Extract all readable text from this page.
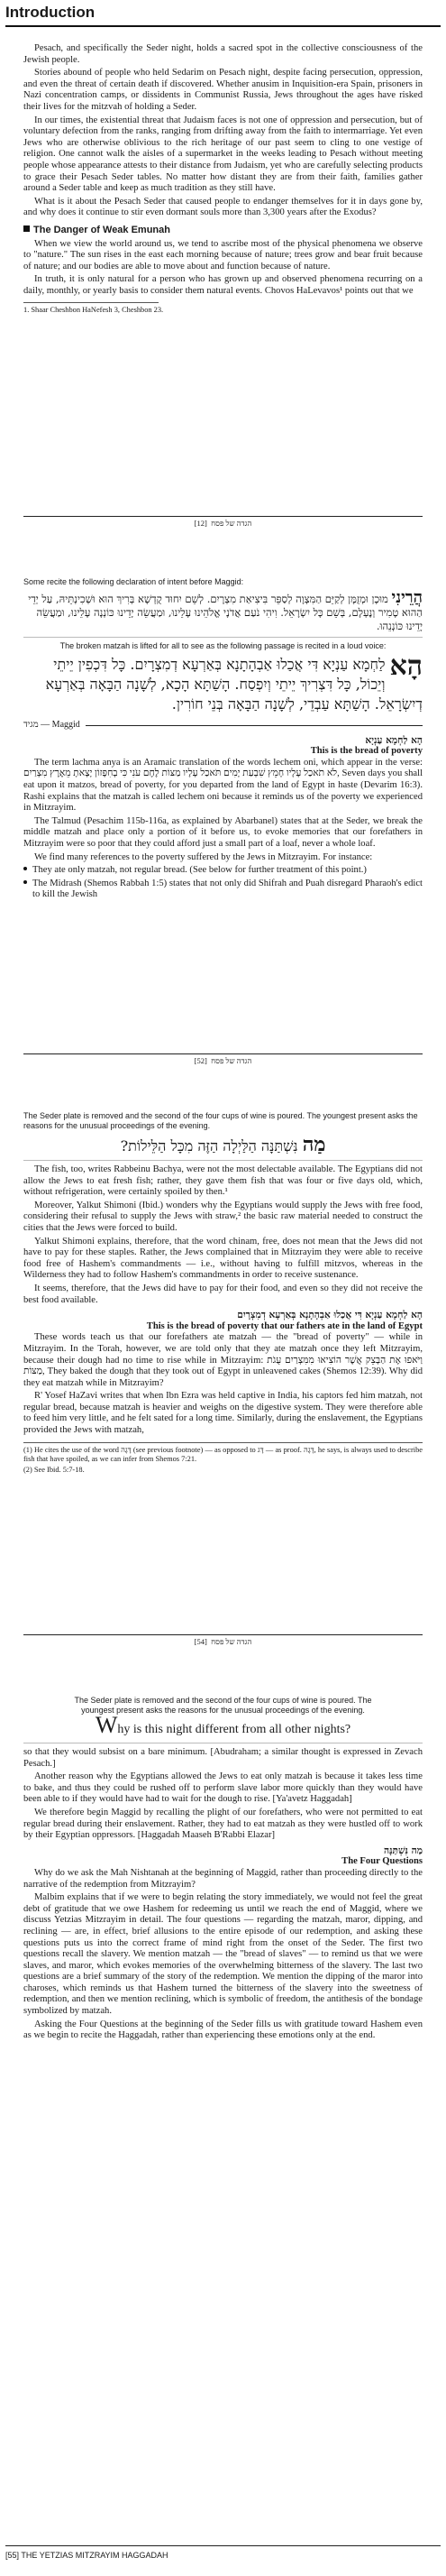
Introduction

Pesach, and specifically the Seder night, holds a sacred spot in the collective consciousness of the Jewish people.

Stories abound of people who held Sedarim on Pesach night, despite facing persecution, oppression, and even the threat of certain death if discovered. Whether anusim in Inquisition-era Spain, prisoners in Nazi concentration camps, or dissidents in Communist Russia, Jews throughout the ages have risked their lives for the mitzvah of holding a Seder.

In our times, the existential threat that Judaism faces is not one of oppression and persecution, but of voluntary defection from the ranks, ranging from drifting away from the faith to intermarriage. Yet even Jews who are otherwise oblivious to the rich heritage of our past seem to cling to one vestige of religion. One cannot walk the aisles of a supermarket in the weeks leading to Pesach without meeting people whose appearance attests to their distance from Judaism, yet who are carefully selecting products to grace their Pesach Seder tables. No matter how distant they are from their faith, families gather around a Seder table and keep as much tradition as they still have.

What is it about the Pesach Seder that caused people to endanger themselves for it in days gone by, and why does it continue to stir even dormant souls more than 3,300 years after the Exodus?

The Danger of Weak Emunah

When we view the world around us, we tend to ascribe most of the physical phenomena we observe to "nature." The sun rises in the east each morning because of nature; trees grow and bear fruit because of nature; and our bodies are able to move about and function because of nature.

In truth, it is only natural for a person who has grown up and observed phenomena recurring on a daily, monthly, or yearly basis to consider them natural events. Chovos HaLevavos¹ points out that we

1. Shaar Cheshbon HaNefesh 3, Cheshbon 23.

הגדה של פסח  [12]
Some recite the following declaration of intent before Maggid:
הֲרֵינִי מוּכָן וּמְזֻמָּן לְקַיֵּם הַמִּצְוָה לְסַפֵּר בִּיצִיאַת מִצְרָיִם. לְשֵׁם יִחוּד קֻדְשָׁא בְּרִיךְ הוּא וּשְׁכִינְתֵּיהּ, עַל יְדֵי הַהוּא טָמִיר וְנֶעְלָם, בְּשֵׁם כָּל יִשְׂרָאֵל. וִיהִי נֹעַם אֲדֹנָי אֱלֹהֵינוּ עָלֵינוּ, וּמַעֲשֵׂה יָדֵינוּ כּוֹנְנָה עָלֵינוּ, וּמַעֲשֵׂה יָדֵינוּ כּוֹנְנֵהוּ.
The broken matzah is lifted for all to see as the following passage is recited in a loud voice:
הָא
לַחְמָא עַנְיָא דִּי אֲכַלוּ אַבְהָתָנָא בְּאַרְעָא דְמִצְרָיִם. כָּל דִּכְפִין יֵיתֵי וְיֵכוֹל, כָּל דִּצְרִיךְ יֵיתֵי וְיִפְסַח. הָשַׁתָּא הָכָא, לְשָׁנָה הַבָּאָה בְּאַרְעָא דְיִשְׂרָאֵל. הָשַׁתָּא עַבְדֵי, לְשָׁנָה הַבָּאָה בְּנֵי חוֹרִין.
מגיד — Maggid
הָא לַחְמָא עַנְיָא
This is the bread of poverty

The term lachma anya is an Aramaic translation of the words lechem oni, which appear in the verse: לֹא תֹאכַל עָלָיו חָמֵץ שִׁבְעַת יָמִים תֹּאכַל עָלָיו מַצּוֹת לֶחֶם עֹנִי כִּי בְחִפָּזוֹן יָצָאתָ מֵאֶרֶץ מִצְרַיִם, Seven days you shall eat upon it matzos, bread of poverty, for you departed from the land of Egypt in haste (Devarim 16:3). Rashi explains that the matzah is called lechem oni because it reminds us of the poverty we experienced in Mitzrayim.

The Talmud (Pesachim 115b-116a, as explained by Abarbanel) states that at the Seder, we break the middle matzah and place only a portion of it before us, to evoke memories that our forefathers in Mitzrayim were so poor that they could afford just a small part of a loaf, never a whole loaf.

We find many references to the poverty suffered by the Jews in Mitzrayim. For instance:

They ate only matzah, not regular bread. (See below for further treatment of this point.)

The Midrash (Shemos Rabbah 1:5) states that not only did Shifrah and Puah disregard Pharaoh's edict to kill the Jewish

הגדה של פסח  [52]
The Seder plate is removed and the second of the four cups of wine is poured. The youngest present asks the reasons for the unusual proceedings of the evening.
מַה נִּשְׁתַּנָּה הַלַּיְלָה הַזֶּה מִכָּל הַלֵּילוֹת?

The fish, too, writes Rabbeinu Bachya, were not the most delectable available. The Egyptians did not allow the Jews to eat fresh fish; rather, they gave them fish that was four or five days old, which, without refrigeration, were certainly spoiled by then.¹

Moreover, Yalkut Shimoni (Ibid.) wonders why the Egyptians would supply the Jews with free food, considering their refusal to supply the Jews with straw,² the basic raw material needed to construct the cities that the Jews were forced to build.

Yalkut Shimoni explains, therefore, that the word chinam, free, does not mean that the Jews did not have to pay for these staples. Rather, the Jews complained that in Mitzrayim they were able to receive food free of Hashem's commandments — i.e., without having to fulfill mitzvos, whereas in the Wilderness they had to follow Hashem's commandments in order to receive sustenance.

It seems, therefore, that the Jews did have to pay for their food, and even so they did not receive the best food available.

הָא לַחְמָא עַנְיָא דִּי אֲכַלוּ אַבְהָתָנָא בְּאַרְעָא דְמִצְרָיִם
This is the bread of poverty that our fathers ate in the land of Egypt

These words teach us that our forefathers ate matzah — the "bread of poverty" — while in Mitzrayim. In the Torah, however, we are told only that they ate matzah once they left Mitzrayim, because their dough had no time to rise while in Mitzrayim: וַיֹּאפוּ אֶת הַבָּצֵק אֲשֶׁר הוֹצִיאוּ מִמִּצְרַיִם עֻגֹת מַצּוֹת, They baked the dough that they took out of Egypt in unleavened cakes (Shemos 12:39). Why did they eat matzah while in Mitzrayim?

R' Yosef HaZavi writes that when Ibn Ezra was held captive in India, his captors fed him matzah, not regular bread, because matzah is heavier and weighs on the digestive system. They were therefore able to feed him very little, and he felt sated for a long time. Similarly, during the enslavement, the Egyptians provided the Jews with matzah,

(1) He cites the use of the word דָּגָה (see previous footnote) — as opposed to דָּג — as proof. דָּגָה, he says, is always used to describe fish that have spoiled, as we can infer from Shemos 7:21.

(2) See Ibid. 5:7-18.

הגדה של פסח  [54]
The Seder plate is removed and the second of the four cups of wine is poured. The youngest present asks the reasons for the unusual proceedings of the evening.
Why is this night different from all other nights?

so that they would subsist on a bare minimum. [Abudraham; a similar thought is expressed in Zevach Pesach.]

Another reason why the Egyptians allowed the Jews to eat only matzah is because it takes less time to bake, and thus they could be rushed off to perform slave labor more quickly than they would have been able to if they would have had to wait for the dough to rise. [Ya'avetz Haggadah]

We therefore begin Maggid by recalling the plight of our forefathers, who were not permitted to eat regular bread during their enslavement. Rather, they had to eat matzah as they were hustled off to work by their Egyptian oppressors. [Haggadah Maaseh B'Rabbi Elazar]

מַה נִּשְׁתַּנָּה
The Four Questions

Why do we ask the Mah Nishtanah at the beginning of Maggid, rather than proceeding directly to the narrative of the redemption from Mitzrayim?

Malbim explains that if we were to begin relating the story immediately, we would not feel the great debt of gratitude that we owe Hashem for redeeming us until we reach the end of Maggid, where we discuss Yetzias Mitzrayim in detail. The four questions — regarding the matzah, maror, dipping, and reclining — are, in effect, brief allusions to the entire episode of our redemption, and asking these questions puts us into the correct frame of mind right from the onset of the Seder. The first two questions recall the slavery. We mention matzah — the "bread of slaves" — to remind us that we were slaves, and maror, which evokes memories of the overwhelming bitterness of the slavery. The last two questions are a brief summary of the story of the redemption. We mention the dipping of the maror into charoses, which reminds us that Hashem turned the bitterness of the slavery into the sweetness of redemption, and then we mention reclining, which is symbolic of freedom, the antithesis of the bondage symbolized by matzah.

Asking the Four Questions at the beginning of the Seder fills us with gratitude toward Hashem even as we begin to recite the Haggadah, rather than experiencing these emotions only at the end.

[55] THE YETZIAS MITZRAYIM HAGGADAH
